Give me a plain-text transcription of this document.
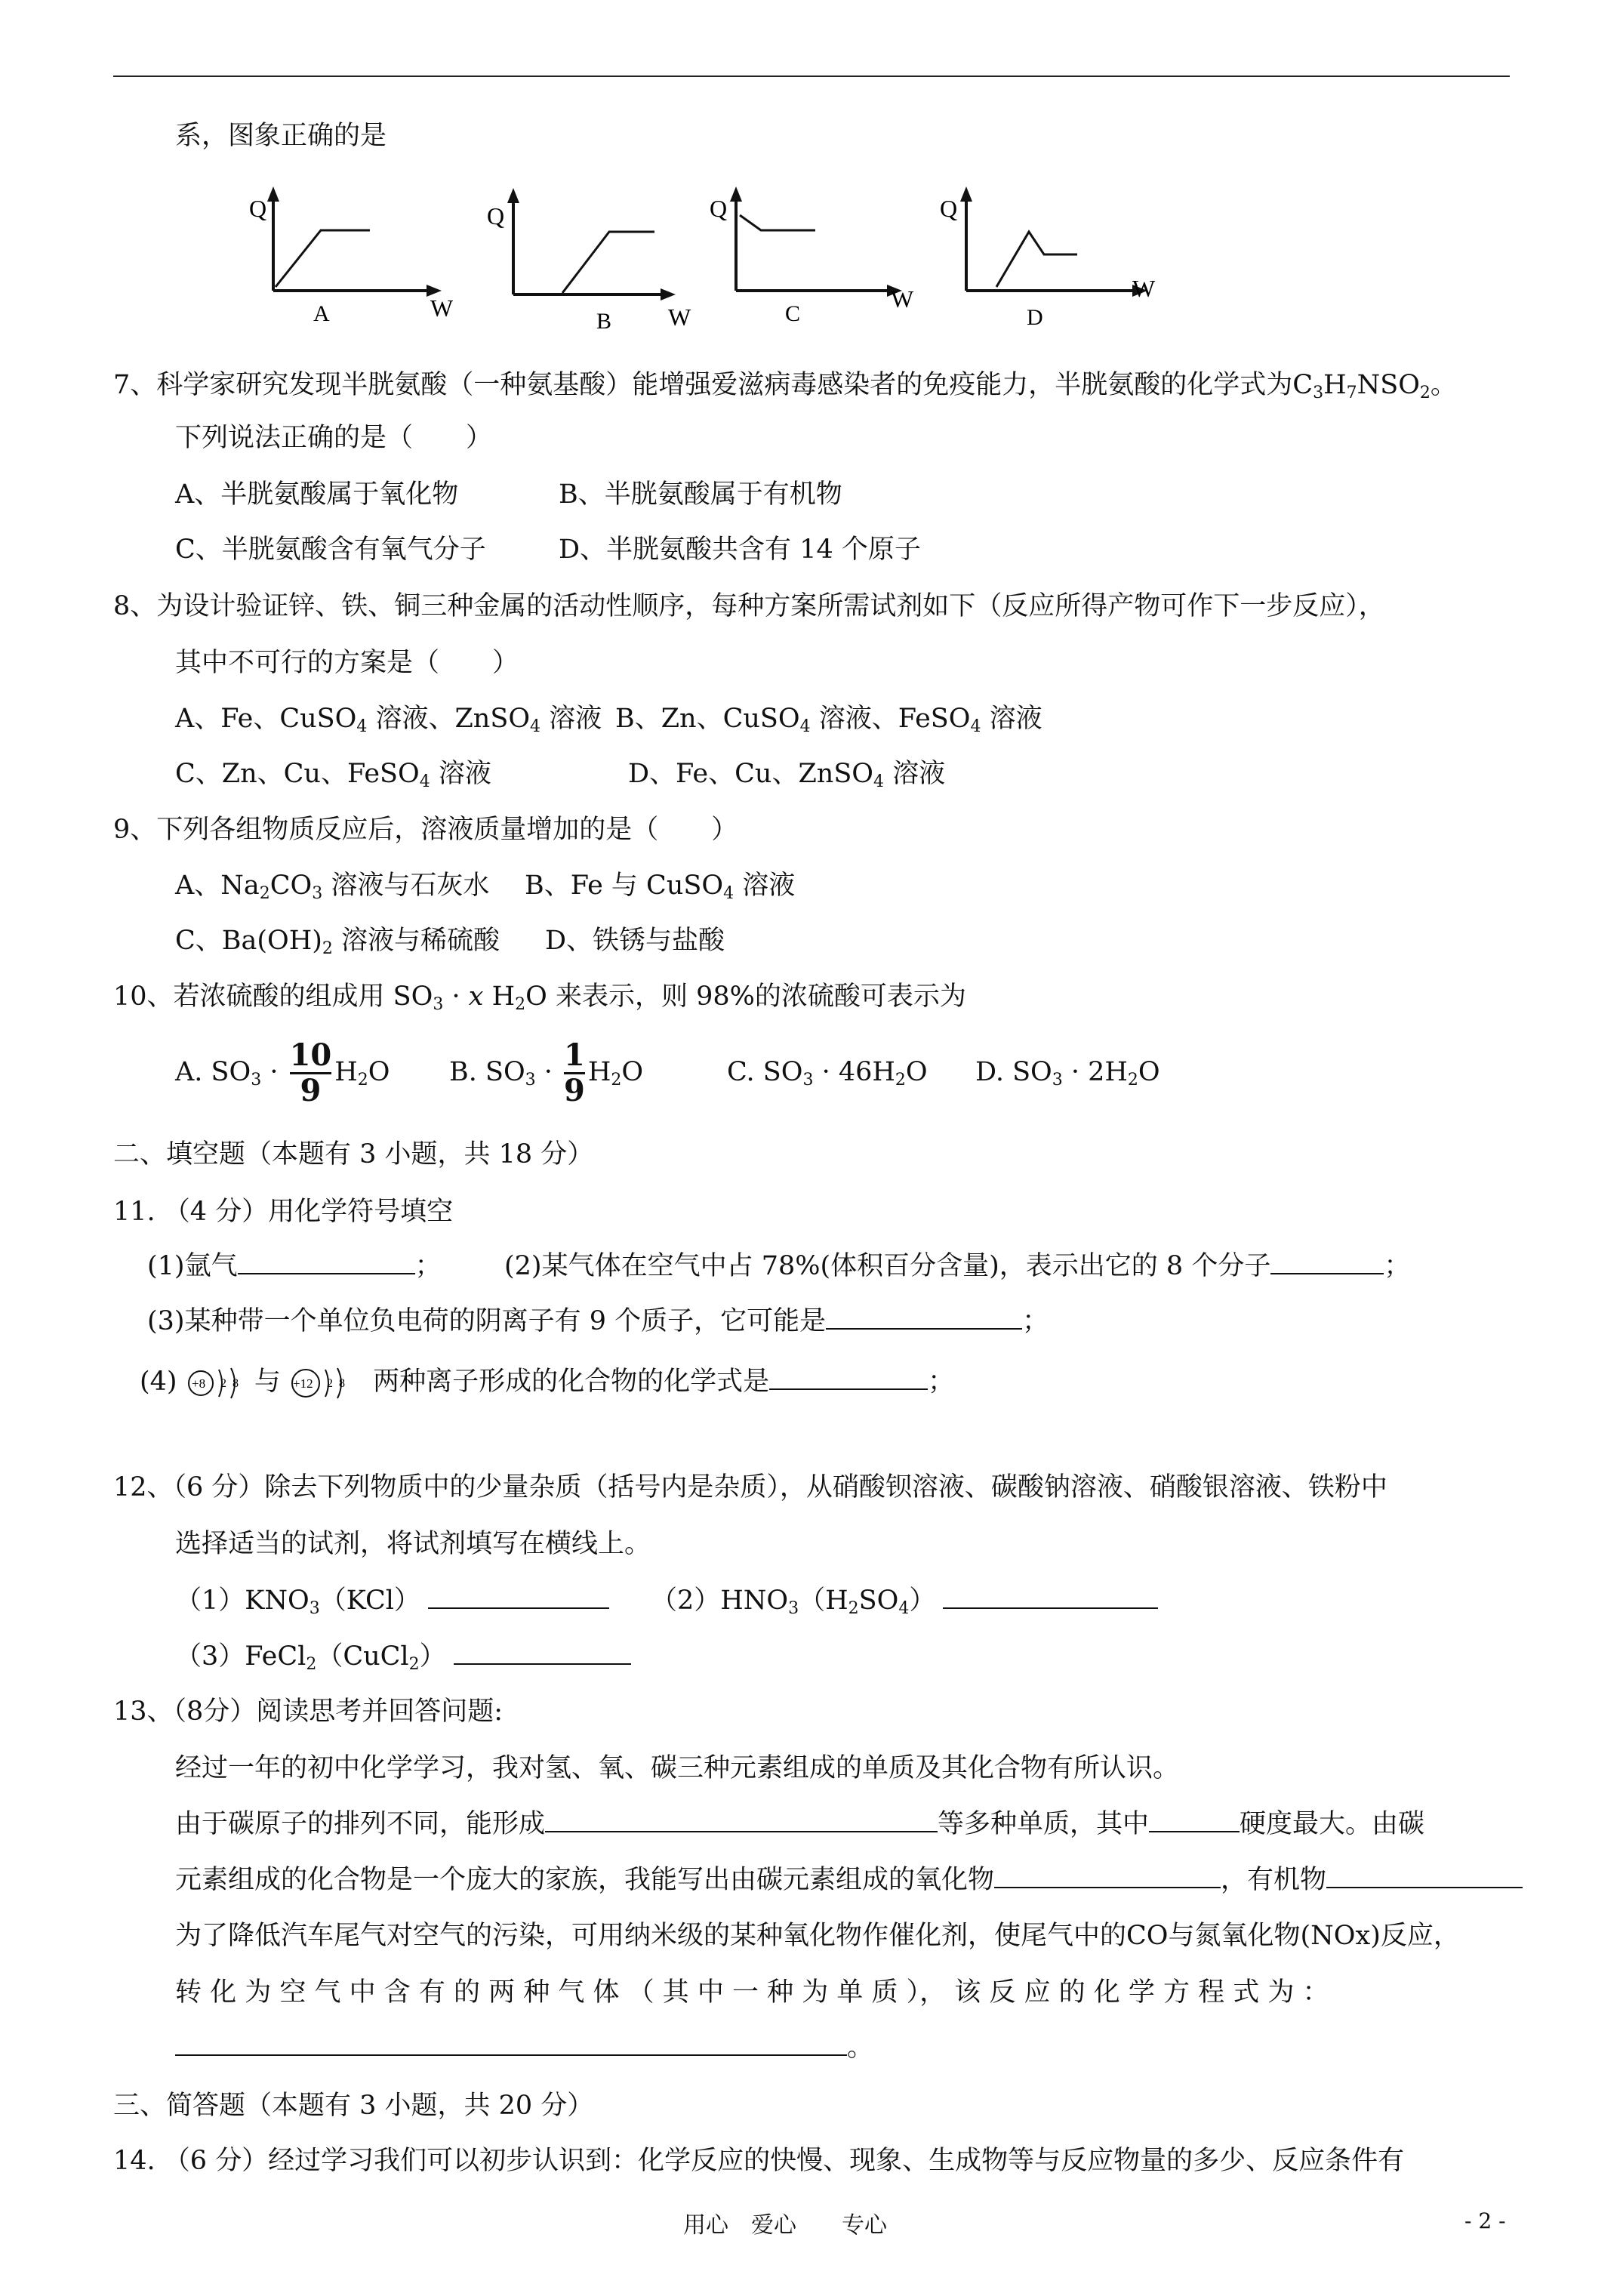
系，图象正确的是
Q
W
A
Q
W
B
Q
W
C
Q
W
D
7、科学家研究发现半胱氨酸（一种氨基酸）能增强爱滋病毒感染者的免疫能力，半胱氨酸的化学式为$C_3H_7NSO_2$。
下列说法正确的是（　　）
A、半胱氨酸属于氧化物	B、半胱氨酸属于有机物
C、半胱氨酸含有氧气分子	D、半胱氨酸共含有 14 个原子
8、为设计验证锌、铁、铜三种金属的活动性顺序，每种方案所需试剂如下（反应所得产物可作下一步反应），
其中不可行的方案是（　　）
A、Fe、CuSO$_4$ 溶液、ZnSO$_4$ 溶液 B、Zn、CuSO$_4$ 溶液、FeSO$_4$ 溶液
C、Zn、Cu、FeSO$_4$ 溶液	D、Fe、Cu、ZnSO$_4$ 溶液
9、下列各组物质反应后，溶液质量增加的是（　　）
A、$Na_2CO_3$ 溶液与石灰水 B、Fe 与 CuSO$_4$ 溶液
C、$Ba(OH)_2$ 溶液与稀硫酸 D、铁锈与盐酸
10、若浓硫酸的组成用 $SO_3 \cdot x$ $H_2O$ 来表示，则 98%的浓硫酸可表示为
A. $SO_3 \cdot \frac{10}{9} H_2O$ B. $SO_3 \cdot \frac{1}{9} H_2O$	C. $SO_3 \cdot 46H_2O$ D. $SO_3 \cdot 2H_2O$
二、填空题（本题有 3 小题，共 18 分）
11. （4 分）用化学符号填空
(1)氩气	； (2)某气体在空气中占 78%(体积百分含量)，表示出它的 8 个分子	；
(3)某种带一个单位负电荷的阴离子有 9 个质子，它可能是	；
(4) +8 2 8 与 +12 2 8 两种离子形成的化合物的化学式是	；
12、（6 分）除去下列物质中的少量杂质（括号内是杂质），从硝酸钡溶液、碳酸钠溶液、硝酸银溶液、铁粉中
选择适当的试剂，将试剂填写在横线上。
$(1)KNO_3(KCl)$	$(2)HNO_3(H_2SO_4)$
（3）FeCl$_2$（CuCl$_2$）
13、（8分）阅读思考并回答问题:
经过一年的初中化学学习，我对氢、氧、碳三种元素组成的单质及其化合物有所认识。
由于碳原子的排列不同，能形成	等多种单质，其中	硬度最大。由碳
元素组成的化合物是一个庞大的家族，我能写出由碳元素组成的氧化物	，有机物
为了降低汽车尾气对空气的污染，可用纳米级的某种氧化物作催化剂，使尾气中的CO与氮氧化物(NOx)反应，
转 化 为 空 气 中 含 有 的 两 种 气 体 （ 其 中 一 种 为 单 质 ）， 该 反 应 的 化 学 方 程 式 为 ：
。
三、简答题（本题有 3 小题，共 20 分）
14. （6 分）经过学习我们可以初步认识到：化学反应的快慢、现象、生成物等与反应物量的多少、反应条件有
用心　爱心　　专心	- 2 -
